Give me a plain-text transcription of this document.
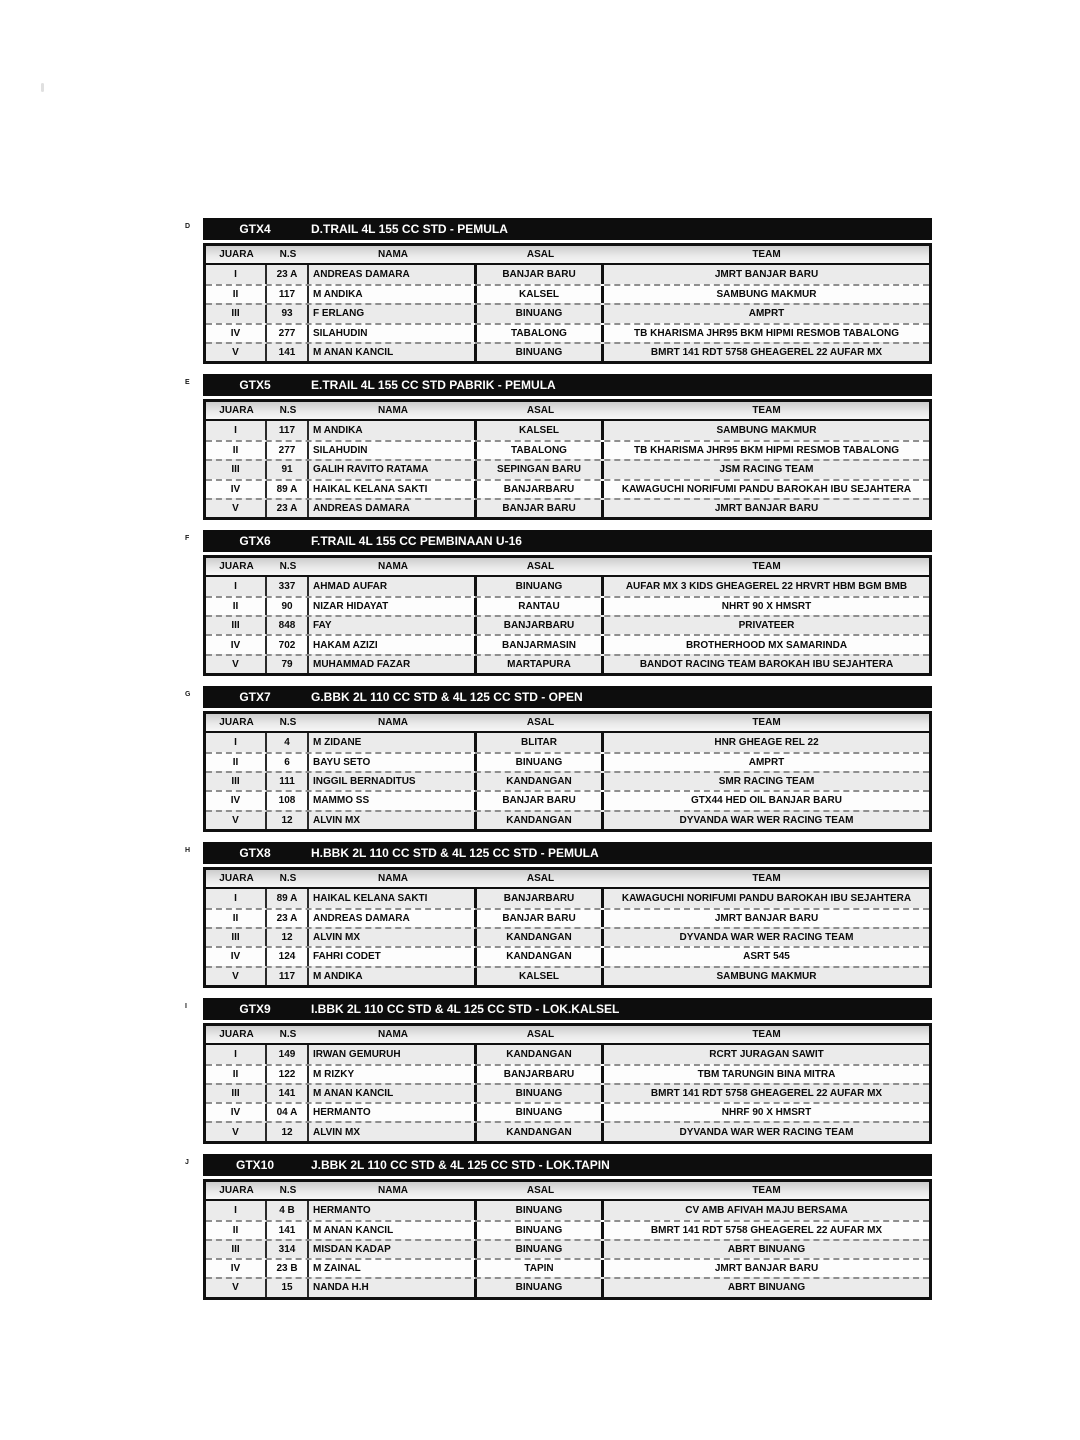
D	GTX4	D.TRAIL 4L 155 CC STD - PEMULA
JUARA	N.S	NAMA	ASAL	TEAM
I	23 A	ANDREAS DAMARA	BANJAR BARU	JMRT BANJAR BARU
II	117	M ANDIKA	KALSEL	SAMBUNG MAKMUR
III	93	F ERLANG	BINUANG	AMPRT
IV	277	SILAHUDIN	TABALONG	TB KHARISMA JHR95 BKM HIPMI RESMOB TABALONG
V	141	M ANAN KANCIL	BINUANG	BMRT 141 RDT 5758 GHEAGEREL 22 AUFAR MX
E	GTX5	E.TRAIL 4L 155 CC STD PABRIK - PEMULA
JUARA	N.S	NAMA	ASAL	TEAM
I	117	M ANDIKA	KALSEL	SAMBUNG MAKMUR
II	277	SILAHUDIN	TABALONG	TB KHARISMA JHR95 BKM HIPMI RESMOB TABALONG
III	91	GALIH RAVITO RATAMA	SEPINGAN BARU	JSM RACING TEAM
IV	89 A	HAIKAL KELANA SAKTI	BANJARBARU	KAWAGUCHI NORIFUMI PANDU BAROKAH IBU SEJAHTERA
V	23 A	ANDREAS DAMARA	BANJAR BARU	JMRT BANJAR BARU
F	GTX6	F.TRAIL 4L 155 CC PEMBINAAN U-16
JUARA	N.S	NAMA	ASAL	TEAM
I	337	AHMAD AUFAR	BINUANG	AUFAR MX 3 KIDS GHEAGEREL 22 HRVRT HBM BGM BMB
II	90	NIZAR HIDAYAT	RANTAU	NHRT 90 X HMSRT
III	848	FAY	BANJARBARU	PRIVATEER
IV	702	HAKAM AZIZI	BANJARMASIN	BROTHERHOOD MX SAMARINDA
V	79	MUHAMMAD FAZAR	MARTAPURA	BANDOT RACING TEAM BAROKAH IBU SEJAHTERA
G	GTX7	G.BBK 2L 110 CC STD & 4L 125 CC STD - OPEN
JUARA	N.S	NAMA	ASAL	TEAM
I	4	M ZIDANE	BLITAR	HNR GHEAGE REL 22
II	6	BAYU SETO	BINUANG	AMPRT
III	111	INGGIL BERNADITUS	KANDANGAN	SMR RACING TEAM
IV	108	MAMMO SS	BANJAR BARU	GTX44 HED OIL BANJAR BARU
V	12	ALVIN MX	KANDANGAN	DYVANDA WAR WER RACING TEAM
H	GTX8	H.BBK 2L 110 CC STD & 4L 125 CC STD - PEMULA
JUARA	N.S	NAMA	ASAL	TEAM
I	89 A	HAIKAL KELANA SAKTI	BANJARBARU	KAWAGUCHI NORIFUMI PANDU BAROKAH IBU SEJAHTERA
II	23 A	ANDREAS DAMARA	BANJAR BARU	JMRT BANJAR BARU
III	12	ALVIN MX	KANDANGAN	DYVANDA WAR WER RACING TEAM
IV	124	FAHRI CODET	KANDANGAN	ASRT 545
V	117	M ANDIKA	KALSEL	SAMBUNG MAKMUR
I	GTX9	I.BBK 2L 110 CC STD & 4L 125 CC STD - LOK.KALSEL
JUARA	N.S	NAMA	ASAL	TEAM
I	149	IRWAN GEMURUH	KANDANGAN	RCRT JURAGAN SAWIT
II	122	M RIZKY	BANJARBARU	TBM TARUNGIN BINA MITRA
III	141	M ANAN KANCIL	BINUANG	BMRT 141 RDT 5758 GHEAGEREL 22 AUFAR MX
IV	04 A	HERMANTO	BINUANG	NHRF 90 X HMSRT
V	12	ALVIN MX	KANDANGAN	DYVANDA WAR WER RACING TEAM
J	GTX10	J.BBK 2L 110 CC STD & 4L 125 CC STD - LOK.TAPIN
JUARA	N.S	NAMA	ASAL	TEAM
I	4 B	HERMANTO	BINUANG	CV AMB AFIVAH MAJU BERSAMA
II	141	M ANAN KANCIL	BINUANG	BMRT 141 RDT 5758 GHEAGEREL 22 AUFAR MX
III	314	MISDAN KADAP	BINUANG	ABRT BINUANG
IV	23 B	M ZAINAL	TAPIN	JMRT BANJAR BARU
V	15	NANDA H.H	BINUANG	ABRT BINUANG
